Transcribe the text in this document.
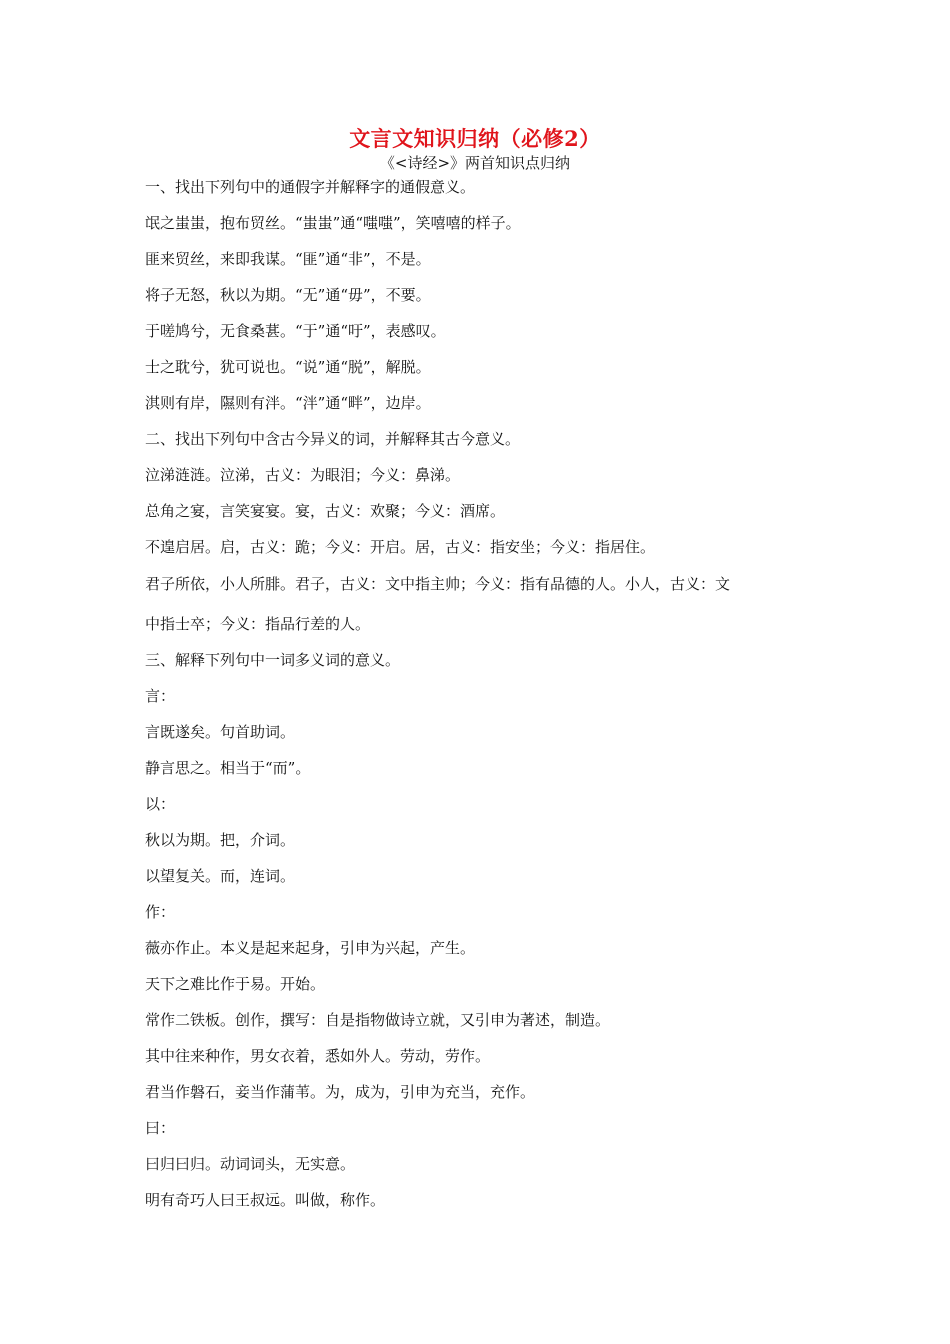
文言文知识归纳（必修2）
《<诗经>》两首知识点归纳
一、找出下列句中的通假字并解释字的通假意义。
氓之蚩蚩，抱布贸丝。“蚩蚩”通“嗤嗤”，笑嘻嘻的样子。
匪来贸丝，来即我谋。“匪”通“非”，不是。
将子无怒，秋以为期。“无”通“毋”，不要。
于嗟鸠兮，无食桑葚。“于”通“吁”，表感叹。
士之耽兮，犹可说也。“说”通“脱”，解脱。
淇则有岸，隰则有泮。“泮”通“畔”，边岸。
二、找出下列句中含古今异义的词，并解释其古今意义。
泣涕涟涟。泣涕，古义：为眼泪；今义：鼻涕。
总角之宴，言笑宴宴。宴，古义：欢聚；今义：酒席。
不遑启居。启，古义：跪；今义：开启。居，古义：指安坐；今义：指居住。
君子所依，小人所腓。君子，古义：文中指主帅；今义：指有品德的人。小人，古义：文
中指士卒；今义：指品行差的人。
三、解释下列句中一词多义词的意义。
言：
言既遂矣。句首助词。
静言思之。相当于“而”。
以：
秋以为期。把，介词。
以望复关。而，连词。
作：
薇亦作止。本义是起来起身，引申为兴起，产生。
天下之难比作于易。开始。
常作二铁板。创作，撰写：自是指物做诗立就，又引申为著述，制造。
其中往来种作，男女衣着，悉如外人。劳动，劳作。
君当作磐石，妾当作蒲苇。为，成为，引申为充当，充作。
曰：
曰归曰归。动词词头，无实意。
明有奇巧人曰王叔远。叫做，称作。
